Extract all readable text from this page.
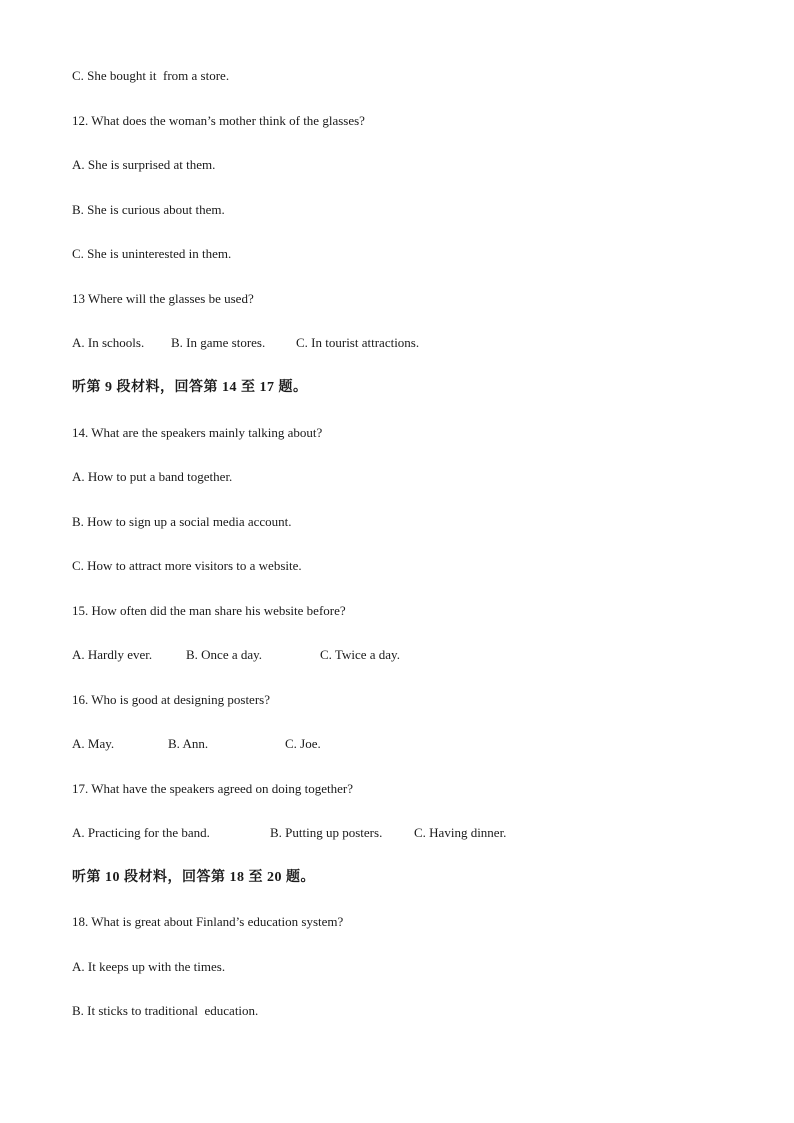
C. She bought it  from a store.
12. What does the woman’s mother think of the glasses?
A. She is surprised at them.
B. She is curious about them.
C. She is uninterested in them.
13 Where will the glasses be used?
A. In schools. B. In game stores. C. In tourist attractions.
听第 9 段材料，回答第 14 至 17 题。
14. What are the speakers mainly talking about?
A. How to put a band together.
B. How to sign up a social media account.
C. How to attract more visitors to a website.
15. How often did the man share his website before?
A. Hardly ever.	B. Once a day.	C. Twice a day.
16. Who is good at designing posters?
A. May.	B. Ann.	C. Joe.
17. What have the speakers agreed on doing together?
A. Practicing for the band.	B. Putting up posters. C. Having dinner.
听第 10 段材料，回答第 18 至 20 题。
18. What is great about Finland’s education system?
A. It keeps up with the times.
B. It sticks to traditional  education.
